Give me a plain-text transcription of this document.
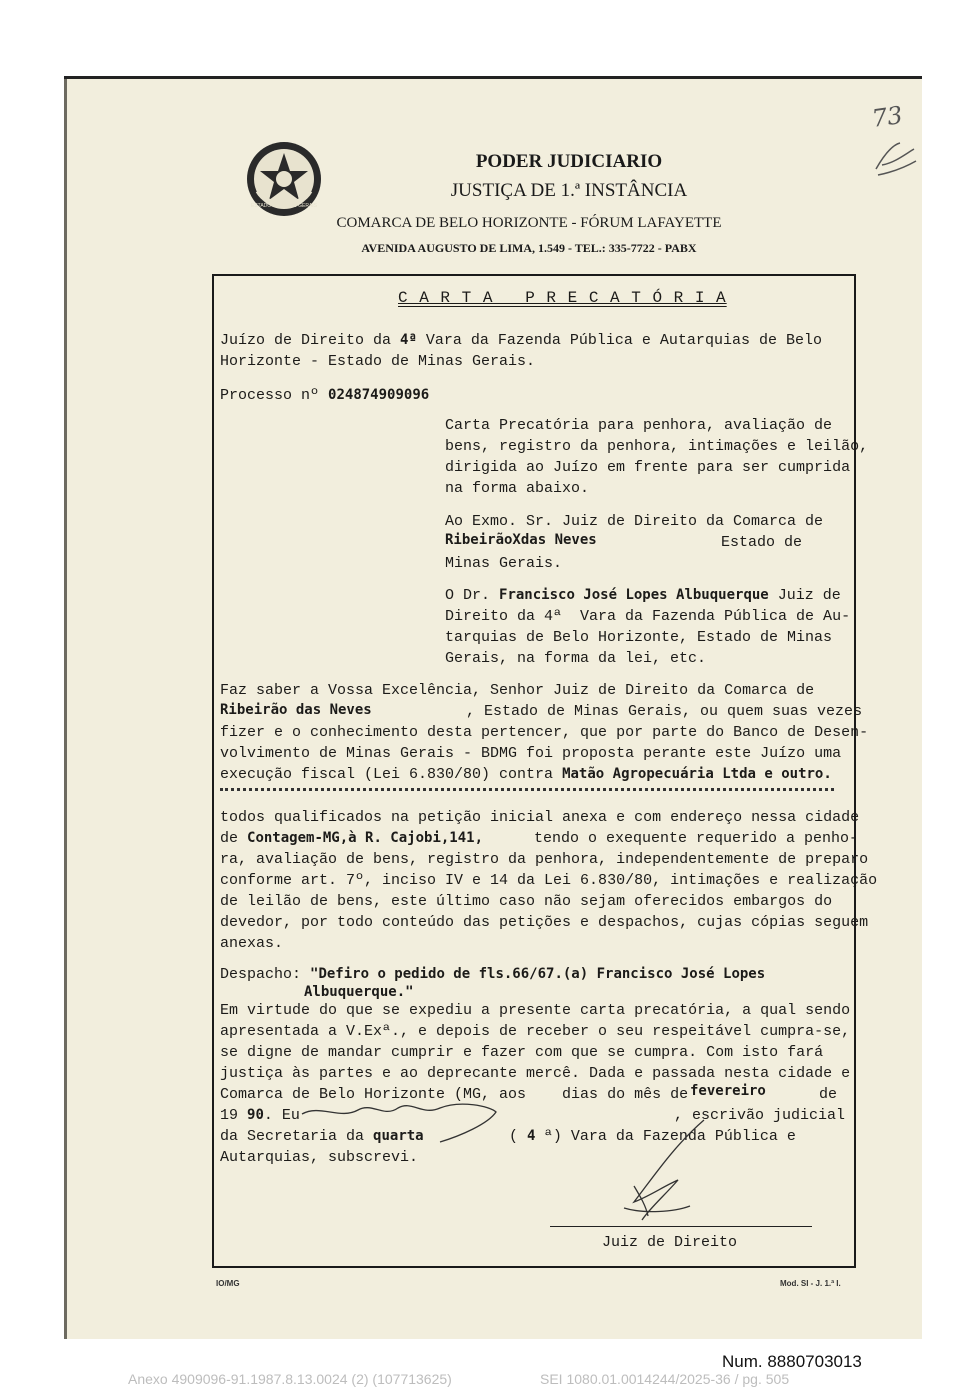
73
ESTADO DE MINAS GERAIS
PODER JUDICIARIO
JUSTIÇA DE 1.ª INSTÂNCIA
COMARCA DE BELO HORIZONTE - FÓRUM LAFAYETTE
AVENIDA AUGUSTO DE LIMA, 1.549 - TEL.: 335-7722 - PABX
C A R T A   P R E C A T Ó R I A
Juízo de Direito da 4ª Vara da Fazenda Pública e Autarquias de Belo
Horizonte - Estado de Minas Gerais.
Processo nº 024874909096
Carta Precatória para penhora, avaliação de
bens, registro da penhora, intimações e leilão,
dirigida ao Juízo em frente para ser cumprida
na forma abaixo.
Ao Exmo. Sr. Juiz de Direito da Comarca de
RibeirãoXdas Neves	Estado de
Minas Gerais.
O Dr. Francisco José Lopes Albuquerque Juiz de
Direito da 4ª  Vara da Fazenda Pública de Au-
tarquias de Belo Horizonte, Estado de Minas
Gerais, na forma da lei, etc.
Faz saber a Vossa Excelência, Senhor Juiz de Direito da Comarca de
Ribeirão das Neves	, Estado de Minas Gerais, ou quem suas vezes
fizer e o conhecimento desta pertencer, que por parte do Banco de Desen-
volvimento de Minas Gerais - BDMG foi proposta perante este Juízo uma
execução fiscal (Lei 6.830/80) contra Matão Agropecuária Ltda e outro.
todos qualificados na petição inicial anexa e com endereço nessa cidade
de Contagem-MG,à R. Cajobi,141,	tendo o exequente requerido a penho-
ra, avaliação de bens, registro da penhora, independentemente de preparo
conforme art. 7º, inciso IV e 14 da Lei 6.830/80, intimações e realização
de leilão de bens, este último caso não sejam oferecidos embargos do
devedor, por todo conteúdo das petições e despachos, cujas cópias seguem
anexas.
Despacho: "Defiro o pedido de fls.66/67.(a) Francisco José Lopes
Albuquerque."
Em virtude do que se expediu a presente carta precatória, a qual sendo
apresentada a V.Exª., e depois de receber o seu respeitável cumpra-se,
se digne de mandar cumprir e fazer com que se cumpra. Com isto fará
justiça às partes e ao deprecante mercê. Dada e passada nesta cidade e
Comarca de Belo Horizonte (MG, aos    dias do mês de fevereiro	de
19 90. Eu	, escrivão judicial
da Secretaria da quarta	( 4 ª) Vara da Fazenda Pública e
Autarquias, subscrevi.
Juiz de Direito
IO/MG	Mod. SI - J. 1.ª I.
Num. 8880703013
Anexo 4909096-91.1987.8.13.0024 (2) (107713625)	SEI 1080.01.0014244/2025-36 / pg. 505
